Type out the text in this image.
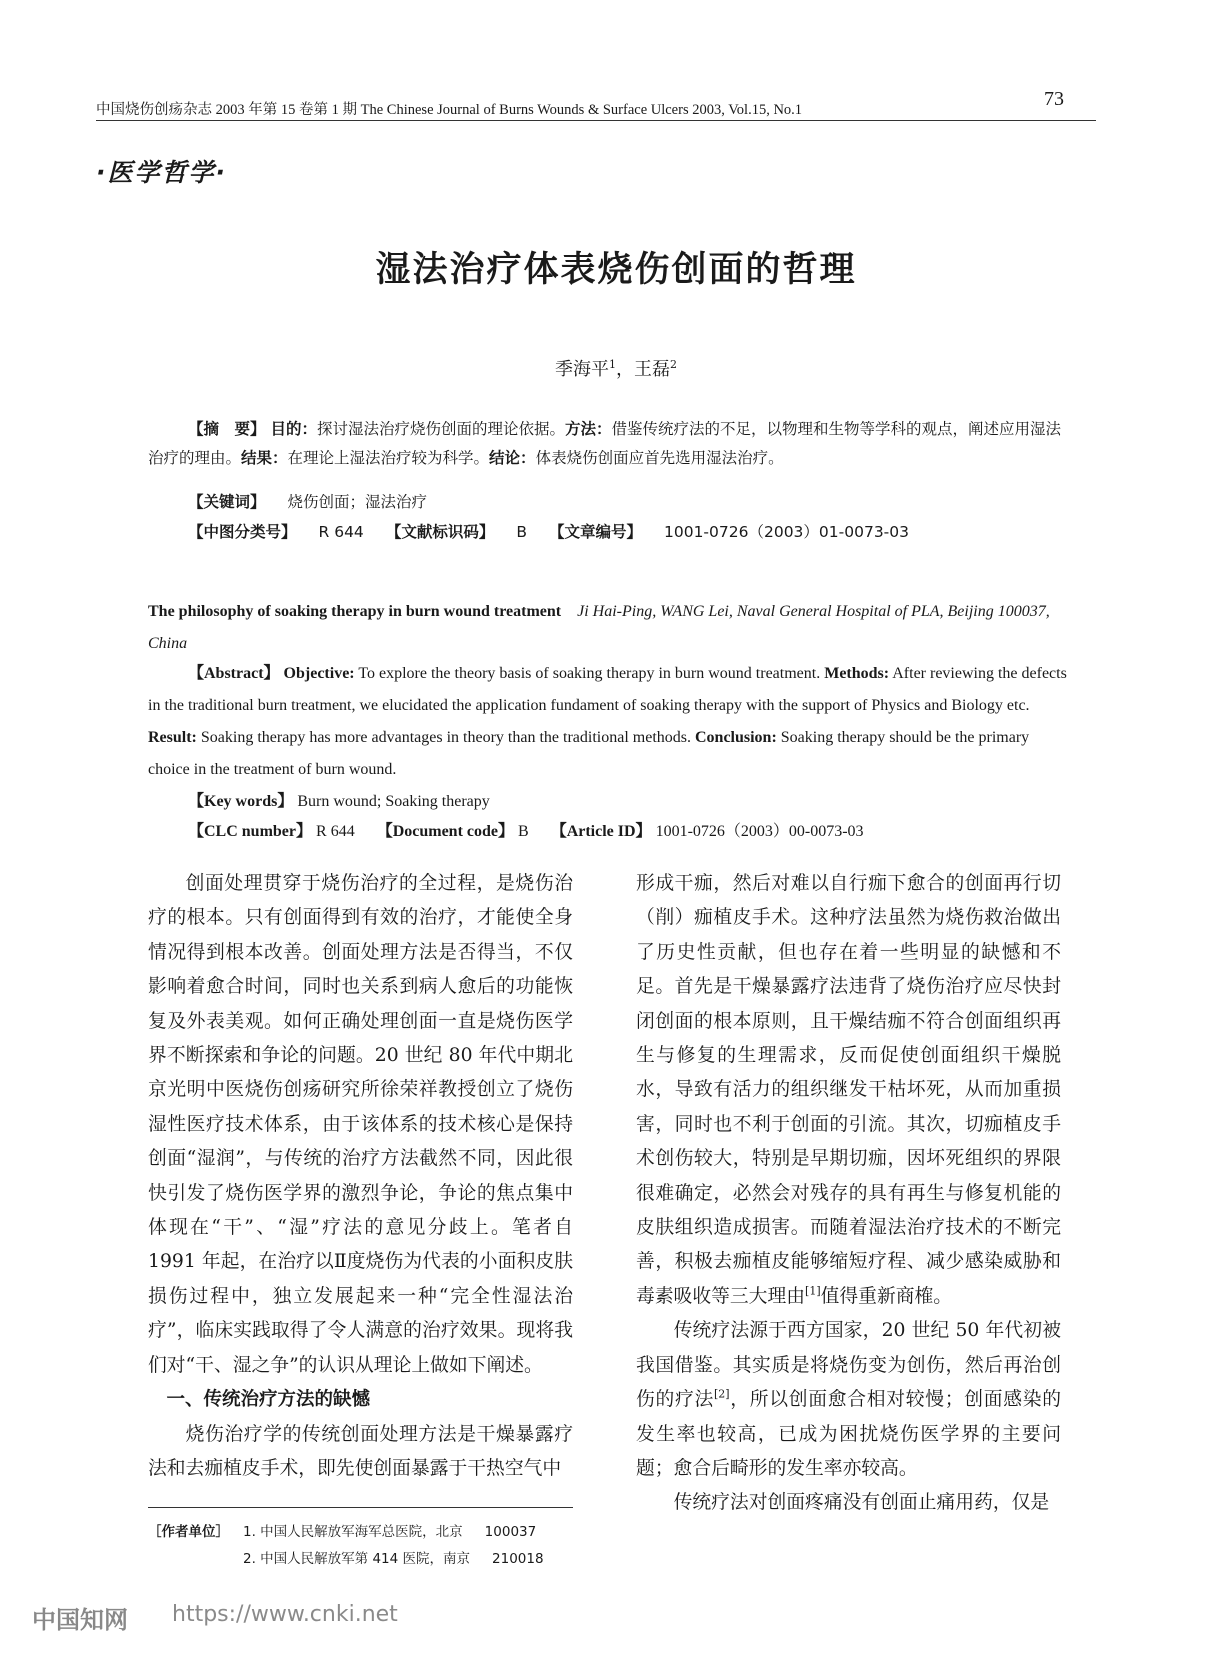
中国烧伤创疡杂志 2003 年第 15 卷第 1 期 The Chinese Journal of Burns Wounds & Surface Ulcers 2003, Vol.15, No.1	73
·医学哲学·
湿法治疗体表烧伤创面的哲理
季海平$^1$，王磊$^2$
【摘　要】 目的：探讨湿法治疗烧伤创面的理论依据。方法：借鉴传统疗法的不足，以物理和生物等学科的观点，阐述应用湿法治疗的理由。结果：在理论上湿法治疗较为科学。结论：体表烧伤创面应首先选用湿法治疗。
【关键词】 烧伤创面；湿法治疗
【中图分类号】 R 644 【文献标识码】 B 【文章编号】 1001-0726（2003）01-0073-03
The philosophy of soaking therapy in burn wound treatment Ji Hai-Ping, WANG Lei, Naval General Hospital of PLA, Beijing 100037, China
【Abstract】 Objective: To explore the theory basis of soaking therapy in burn wound treatment. Methods: After reviewing the defects in the traditional burn treatment, we elucidated the application fundament of soaking therapy with the support of Physics and Biology etc. Result: Soaking therapy has more advantages in theory than the traditional methods. Conclusion: Soaking therapy should be the primary choice in the treatment of burn wound.
【Key words】 Burn wound; Soaking therapy
【CLC number】 R 644 【Document code】 B 【Article ID】 1001-0726（2003）00-0073-03

创面处理贯穿于烧伤治疗的全过程，是烧伤治疗的根本。只有创面得到有效的治疗，才能使全身情况得到根本改善。创面处理方法是否得当，不仅影响着愈合时间，同时也关系到病人愈后的功能恢复及外表美观。如何正确处理创面一直是烧伤医学界不断探索和争论的问题。20 世纪 80 年代中期北京光明中医烧伤创疡研究所徐荣祥教授创立了烧伤湿性医疗技术体系，由于该体系的技术核心是保持创面“湿润”，与传统的治疗方法截然不同，因此很快引发了烧伤医学界的激烈争论，争论的焦点集中体现在“干”、“湿”疗法的意见分歧上。笔者自 1991 年起，在治疗以Ⅱ度烧伤为代表的小面积皮肤损伤过程中，独立发展起来一种“完全性湿法治疗”，临床实践取得了令人满意的治疗效果。现将我们对“干、湿之争”的认识从理论上做如下阐述。

一、传统治疗方法的缺憾

烧伤治疗学的传统创面处理方法是干燥暴露疗法和去痂植皮手术，即先使创面暴露于干热空气中

形成干痂，然后对难以自行痂下愈合的创面再行切（削）痂植皮手术。这种疗法虽然为烧伤救治做出了历史性贡献，但也存在着一些明显的缺憾和不足。首先是干燥暴露疗法违背了烧伤治疗应尽快封闭创面的根本原则，且干燥结痂不符合创面组织再生与修复的生理需求，反而促使创面组织干燥脱水，导致有活力的组织继发干枯坏死，从而加重损害，同时也不利于创面的引流。其次，切痂植皮手术创伤较大，特别是早期切痂，因坏死组织的界限很难确定，必然会对残存的具有再生与修复机能的皮肤组织造成损害。而随着湿法治疗技术的不断完善，积极去痂植皮能够缩短疗程、减少感染威胁和毒素吸收等三大理由[1]值得重新商榷。

传统疗法源于西方国家，20 世纪 50 年代初被我国借鉴。其实质是将烧伤变为创伤，然后再治创伤的疗法[2]，所以创面愈合相对较慢；创面感染的发生率也较高，已成为困扰烧伤医学界的主要问题；愈合后畸形的发生率亦较高。

传统疗法对创面疼痛没有创面止痛用药，仅是

［作者单位］ 1. 中国人民解放军海军总医院，北京 100037
2. 中国人民解放军第 414 医院，南京 210018
中国知网 https://www.cnki.net
